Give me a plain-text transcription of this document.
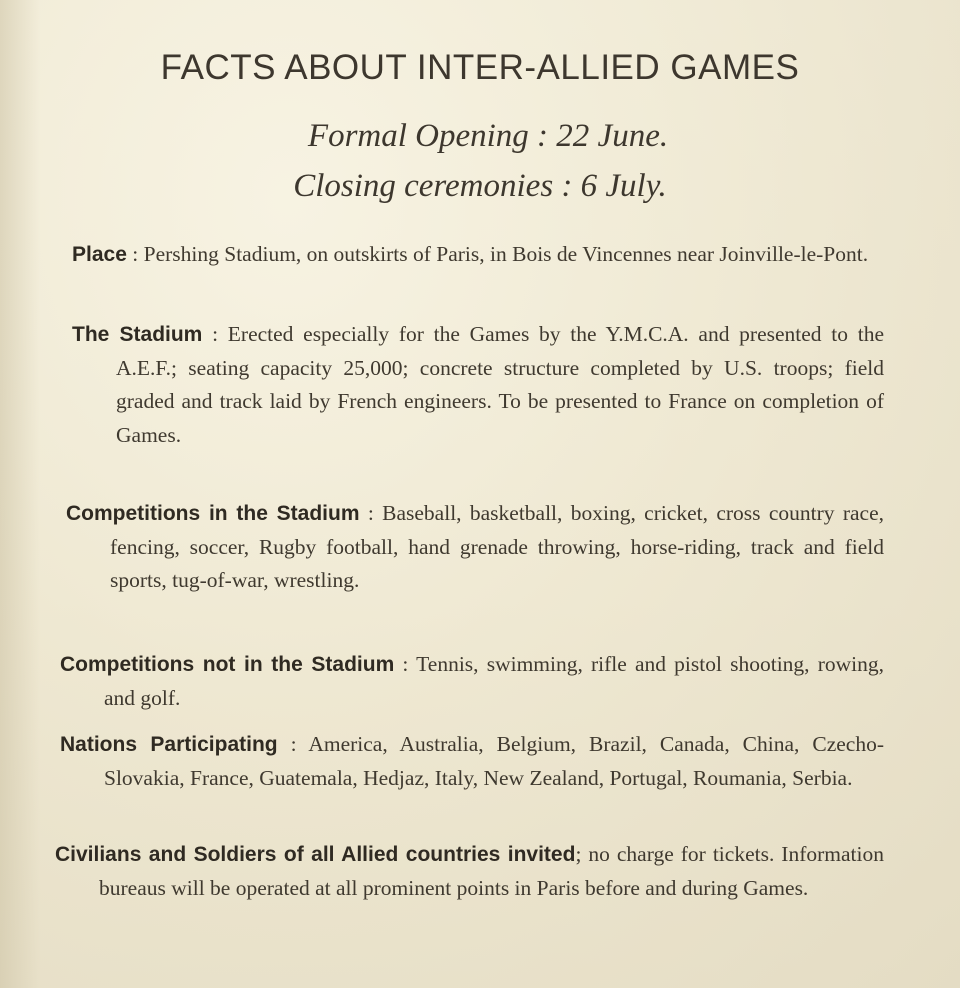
FACTS ABOUT INTER-ALLIED GAMES
Formal Opening : 22 June.
Closing ceremonies : 6 July.
Place : Pershing Stadium, on outskirts of Paris, in Bois de Vincennes near Joinville-le-Pont.
The Stadium : Erected especially for the Games by the Y.M.C.A. and presented to the A.E.F.; seating capacity 25,000; concrete structure completed by U.S. troops; field graded and track laid by French engineers. To be presented to France on completion of Games.
Competitions in the Stadium : Baseball, basketball, boxing, cricket, cross country race, fencing, soccer, Rugby football, hand grenade throwing, horse-riding, track and field sports, tug-of-war, wrestling.
Competitions not in the Stadium : Tennis, swimming, rifle and pistol shooting, rowing, and golf.
Nations Participating : America, Australia, Belgium, Brazil, Canada, China, Czecho-Slovakia, France, Guatemala, Hedjaz, Italy, New Zealand, Portugal, Roumania, Serbia.
Civilians and Soldiers of all Allied countries invited; no charge for tickets. Information bureaus will be operated at all prominent points in Paris before and during Games.
